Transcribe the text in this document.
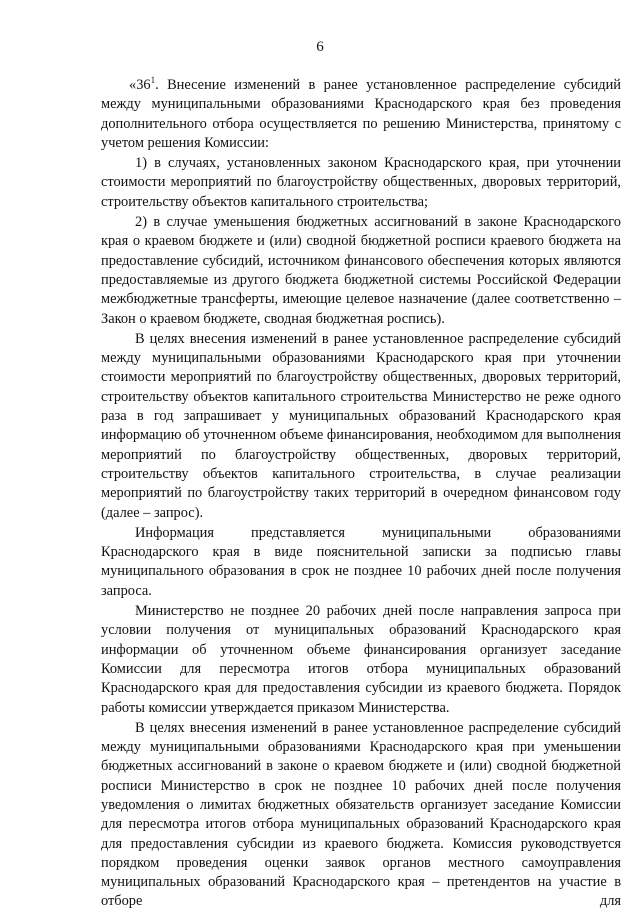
6

«$36^1$. Внесение изменений в ранее установленное распределение субсидий между муниципальными образованиями Краснодарского края без проведения дополнительного отбора осуществляется по решению Министерства, принятому с учетом решения Комиссии:

1) в случаях, установленных законом Краснодарского края, при уточнении стоимости мероприятий по благоустройству общественных, дворовых территорий, строительству объектов капитального строительства;

2) в случае уменьшения бюджетных ассигнований в законе Краснодарского края о краевом бюджете и (или) сводной бюджетной росписи краевого бюджета на предоставление субсидий, источником финансового обеспечения которых являются предоставляемые из другого бюджета бюджетной системы Российской Федерации межбюджетные трансферты, имеющие целевое назначение (далее соответственно – Закон о краевом бюджете, сводная бюджетная роспись).

В целях внесения изменений в ранее установленное распределение субсидий между муниципальными образованиями Краснодарского края при уточнении стоимости мероприятий по благоустройству общественных, дворовых территорий, строительству объектов капитального строительства Министерство не реже одного раза в год запрашивает у муниципальных образований Краснодарского края информацию об уточненном объеме финансирования, необходимом для выполнения мероприятий по благоустройству общественных, дворовых территорий, строительству объектов капитального строительства, в случае реализации мероприятий по благоустройству таких территорий в очередном финансовом году (далее – запрос).

Информация представляется муниципальными образованиями Краснодарского края в виде пояснительной записки за подписью главы муниципального образования в срок не позднее 10 рабочих дней после получения запроса.

Министерство не позднее 20 рабочих дней после направления запроса при условии получения от муниципальных образований Краснодарского края информации об уточненном объеме финансирования организует заседание Комиссии для пересмотра итогов отбора муниципальных образований Краснодарского края для предоставления субсидии из краевого бюджета. Порядок работы комиссии утверждается приказом Министерства.

В целях внесения изменений в ранее установленное распределение субсидий между муниципальными образованиями Краснодарского края при уменьшении бюджетных ассигнований в законе о краевом бюджете и (или) сводной бюджетной росписи Министерство в срок не позднее 10 рабочих дней после получения уведомления о лимитах бюджетных обязательств организует заседание Комиссии для пересмотра итогов отбора муниципальных образований Краснодарского края для предоставления субсидии из краевого бюджета. Комиссия руководствуется порядком проведения оценки заявок органов местного самоуправления муниципальных образований Краснодарского края – претендентов на участие в отборе для
